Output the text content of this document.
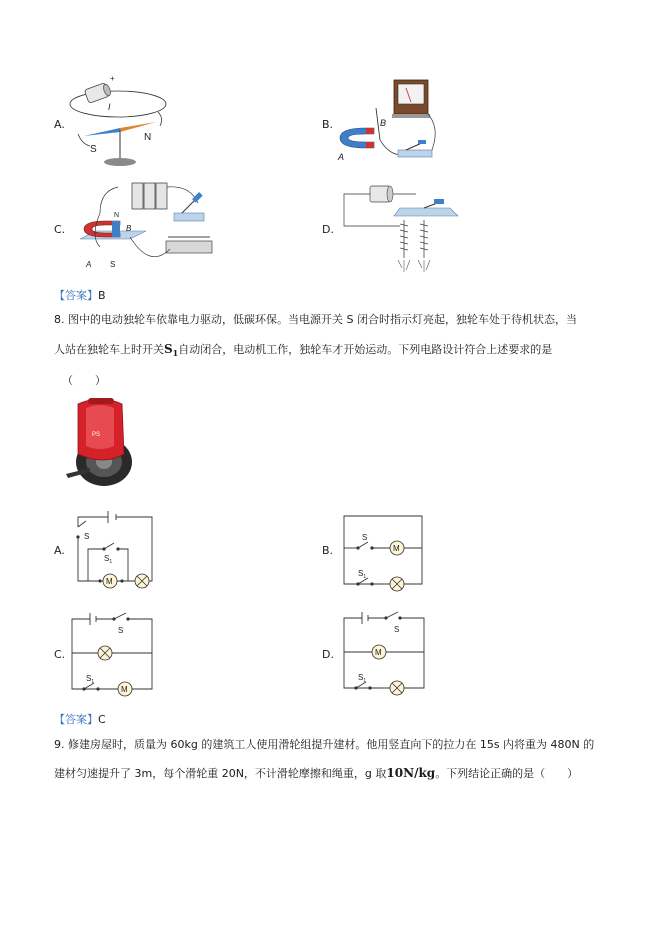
A.
+
I
S
N
B.	B
A
C.
N
B
A S
D.
【答案】B
8. 图中的电动独轮车依靠电力驱动，低碳环保。当电源开关 S 闭合时指示灯亮起，独轮车处于待机状态，当
人站在独轮车上时开关$S_1$自动闭合，电动机工作，独轮车才开始运动。下列电路设计符合上述要求的是
（　　）
PS
A.
M
S
$S_1$
B.	M
S
$S_1$
C.
M
S
$S_1$
D.	M
S
$S_1$
【答案】C
9. 修建房屋时，质量为 60kg 的建筑工人使用滑轮组提升建材。他用竖直向下的拉力在 15s 内将重为 480N 的
建材匀速提升了 3m，每个滑轮重 20N，不计滑轮摩擦和绳重，g 取10N/kg。下列结论正确的是（　　）
